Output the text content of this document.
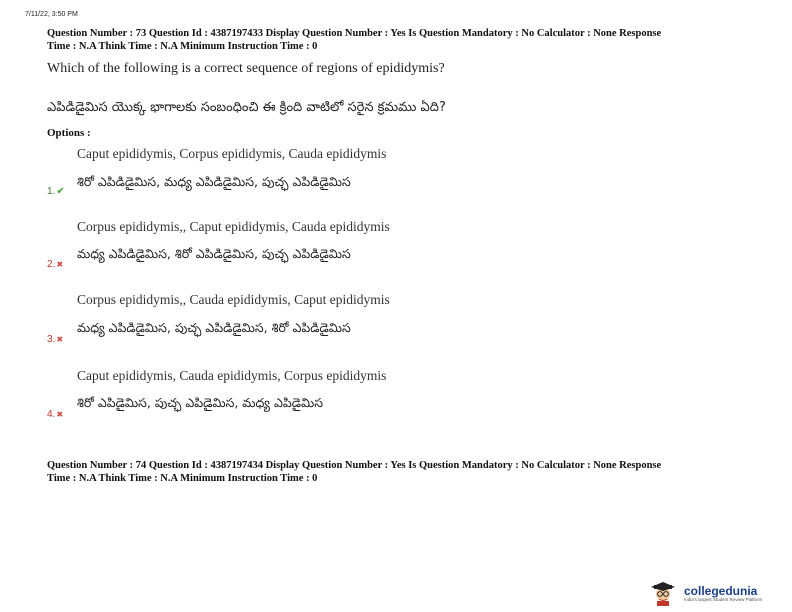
7/11/22, 3:50 PM
Question Number : 73 Question Id : 4387197433 Display Question Number : Yes Is Question Mandatory : No Calculator : None Response
Time : N.A Think Time : N.A Minimum Instruction Time : 0
Which of the following is a correct sequence of regions of epididymis?
ఎపిడిడైమిస యొక్క భాగాలకు సంబంధించి ఈ క్రింది వాటిలో సరైన క్రమము ఏది?
Options :
Caput epididymis, Corpus epididymis, Cauda epididymis
శిరో ఎపిడిడైమిస, మధ్య ఎపిడిడైమిస, పుచ్ఛ ఎపిడిడైమిస
1.✔
Corpus epididymis,, Caput epididymis, Cauda epididymis
మధ్య ఎపిడిడైమిస, శిరో ఎపిడిడైమిస, పుచ్ఛ ఎపిడిడైమిస
2.✖
Corpus epididymis,, Cauda epididymis, Caput epididymis
మధ్య ఎపిడిడైమిస, పుచ్ఛ ఎపిడిడైమిస, శిరో ఎపిడిడైమిస
3.✖
Caput epididymis, Cauda epididymis, Corpus epididymis
శిరో ఎపిడైమిస, పుచ్ఛ ఎపిడైమిస, మధ్య ఎపిడైమిస
4.✖
Question Number : 74 Question Id : 4387197434 Display Question Number : Yes Is Question Mandatory : No Calculator : None Response
Time : N.A Think Time : N.A Minimum Instruction Time : 0
collegedunia
India's largest Student Review Platform
